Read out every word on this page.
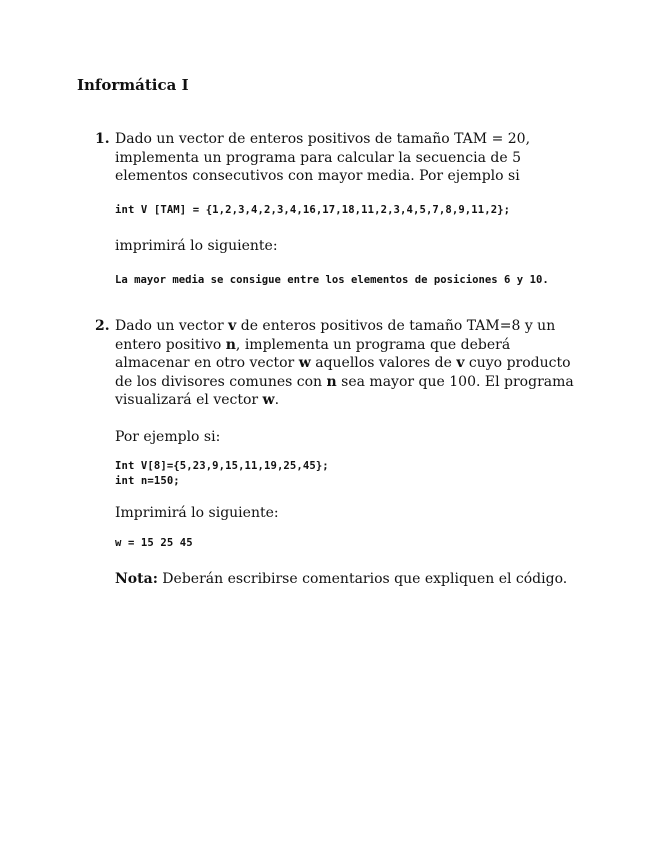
Informática I
1. Dado un vector de enteros positivos de tamaño TAM = 20, implementa un programa para calcular la secuencia de 5 elementos consecutivos con mayor media. Por ejemplo si
int V [TAM] = {1,2,3,4,2,3,4,16,17,18,11,2,3,4,5,7,8,9,11,2};
imprimirá lo siguiente:
La mayor media se consigue entre los elementos de posiciones 6 y 10.
2. Dado un vector v de enteros positivos de tamaño TAM=8 y un entero positivo n, implementa un programa que deberá almacenar en otro vector w aquellos valores de v cuyo producto de los divisores comunes con n sea mayor que 100. El programa visualizará el vector w.
Por ejemplo si:
Int V[8]={5,23,9,15,11,19,25,45};
int n=150;
Imprimirá lo siguiente:
w = 15 25 45
Nota: Deberán escribirse comentarios que expliquen el código.
